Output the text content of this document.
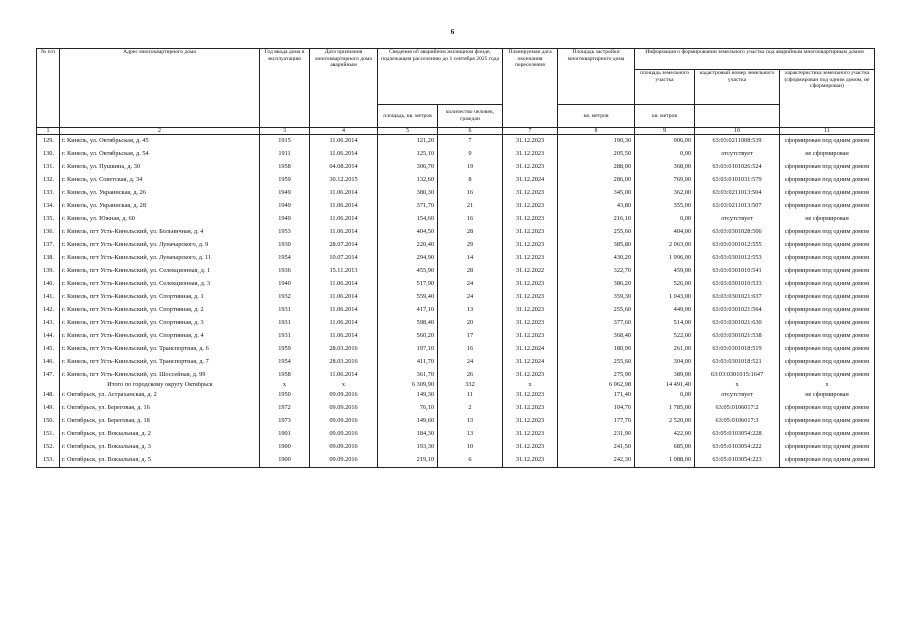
6
№ п/п	Адрес многоквартирного дома	Год ввода дома в эксплуатацию	Дата признания многоквартирного дома аварийным	Сведения об аварийном жилищном фонде, подлежащем расселению до 1 сентября 2025 года		Планируемая дата окончания переселения	Площадь застройки многоквартирного дома	Информация о формировании земельного участка под аварийным многоквартирным домом		
								площадь земельного участка	кадастровый номер земельного участка	характеристика земельного участка (сформирован под одним домом, не сформирован)
				площадь, кв. метров	количество человек, граждан		кв. метров	кв. метров		
1	2	3	4	5	6	7	8	9	10	11
129.	г. Кинель, ул. Октябрьская, д. 45	1915	11.06.2014	121,20	7	31.12.2023	190,30	906,00	63:03:0211008:539	сформирован под одним домом
130.	г. Кинель, ул. Октябрьская, д. 54	1911	11.06.2014	125,10	9	31.12.2023	205,50	0,00	отсутствует	не сформирован
131.	г. Кинель, ул. Пушкина, д. 30	1958	04.08.2014	306,70	19	31.12.2023	288,00	368,00	63:03:0101026:524	сформирован под одним домом
132.	г. Кинель, ул. Советская, д. 34	1959	30.12.2015	132,60	8	31.12.2024	286,00	769,00	63:03:0101031:579	сформирован под одним домом
133.	г. Кинель, ул. Украинская, д. 26	1949	11.06.2014	380,30	16	31.12.2023	345,00	362,00	63:03:0211013:504	сформирован под одним домом
134.	г. Кинель, ул. Украинская, д. 28	1949	11.06.2014	371,70	21	31.12.2023	43,80	355,00	63:03:0211013:507	сформирован под одним домом
135.	г. Кинель, ул. Южная, д. 60	1949	11.06.2014	154,60	16	31.12.2023	216,10	0,00	отсутствует	не сформирован
136.	г. Кинель, пгт Усть-Кинельский, ул. Больничная, д. 4	1953	11.06.2014	404,50	28	31.12.2023	255,60	404,00	63:03:0301028:506	сформирован под одним домом
137.	г. Кинель, пгт Усть-Кинельский, ул. Луначарского, д. 9	1930	28.07.2014	220,40	29	31.12.2023	385,80	2 063,00	63:03:0301012:555	сформирован под одним домом
138.	г. Кинель, пгт Усть-Кинельский, ул. Луначарского, д. 11	1954	10.07.2014	294,90	14	31.12.2023	430,20	1 996,00	63:03:0301012:553	сформирован под одним домом
139.	г. Кинель, пгт Усть-Кинельский, ул. Селекционная, д. 1	1936	15.11.2013	455,90	28	31.12.2022	322,70	459,00	63:03:0301010:541	сформирован под одним домом
140.	г. Кинель, пгт Усть-Кинельский, ул. Селекционная, д. 3	1940	11.06.2014	517,90	24	31.12.2023	386,20	526,00	63:03:0301010:533	сформирован под одним домом
141.	г. Кинель, пгт Усть-Кинельский, ул. Спортивная, д. 1	1932	11.06.2014	559,40	24	31.12.2023	359,30	1 043,00	63:03:0301021:637	сформирован под одним домом
142.	г. Кинель, пгт Усть-Кинельский, ул. Спортивная, д. 2	1931	11.06.2014	417,10	13	31.12.2023	255,60	449,00	63:03:0301021:564	сформирован под одним домом
143.	г. Кинель, пгт Усть-Кинельский, ул. Спортивная, д. 3	1931	11.06.2014	598,40	20	31.12.2023	377,60	514,00	63:03:0301021:630	сформирован под одним домом
144.	г. Кинель, пгт Усть-Кинельский, ул. Спортивная, д. 4	1931	11.06.2014	560,20	17	31.12.2023	368,40	522,00	63:03:0301021:538	сформирован под одним домом
145.	г. Кинель, пгт Усть-Кинельский, ул. Транспортная, д. 6	1959	28.03.2016	197,10	16	31.12.2024	180,90	261,00	63:03:0301018:519	сформирован под одним домом
146.	г. Кинель, пгт Усть-Кинельский, ул. Транспортная, д. 7	1954	28.03.2016	411,70	24	31.12.2024	255,60	304,00	63:03:0301018:521	сформирован под одним домом
147.	г. Кинель, пгт Усть-Кинельский, ул. Шоссейная, д. 99	1958	11.06.2014	361,70	26	31.12.2023	275,90	389,00	63:03:0301015:1647	сформирован под одним домом
	Итого по городскому округу Октябрьск	x	x	6 309,90	332	x	6 062,98	14 491,40	x	x
148.	г. Октябрьск, ул. Астраханская, д. 2	1950	09.09.2016	149,30	11	31.12.2023	171,40	0,00	отсутствует	не сформирован
149.	г. Октябрьск, ул. Береговая, д. 16	1972	09.09.2016	76,10	2	31.12.2023	104,70	1 785,00	63:05:0106017:2	сформирован под одним домом
150.	г. Октябрьск, ул. Береговая, д. 18	1973	09.09.2016	149,60	13	31.12.2023	177,70	2 520,00	63:05:0106017:3	сформирован под одним домом
151.	г. Октябрьск, ул. Вокзальная, д. 2	1901	09.09.2016	184,30	13	31.12.2023	231,90	422,00	63:05:0103054:228	сформирован под одним домом
152.	г. Октябрьск, ул. Вокзальная, д. 3	1900	09.09.2016	193,30	10	31.12.2023	241,50	685,00	63:05:0103054:222	сформирован под одним домом
153.	г. Октябрьск, ул. Вокзальная, д. 5	1900	09.09.2016	219,10	6	31.12.2023	242,30	1 088,00	63:05:0103054:223	сформирован под одним домом
